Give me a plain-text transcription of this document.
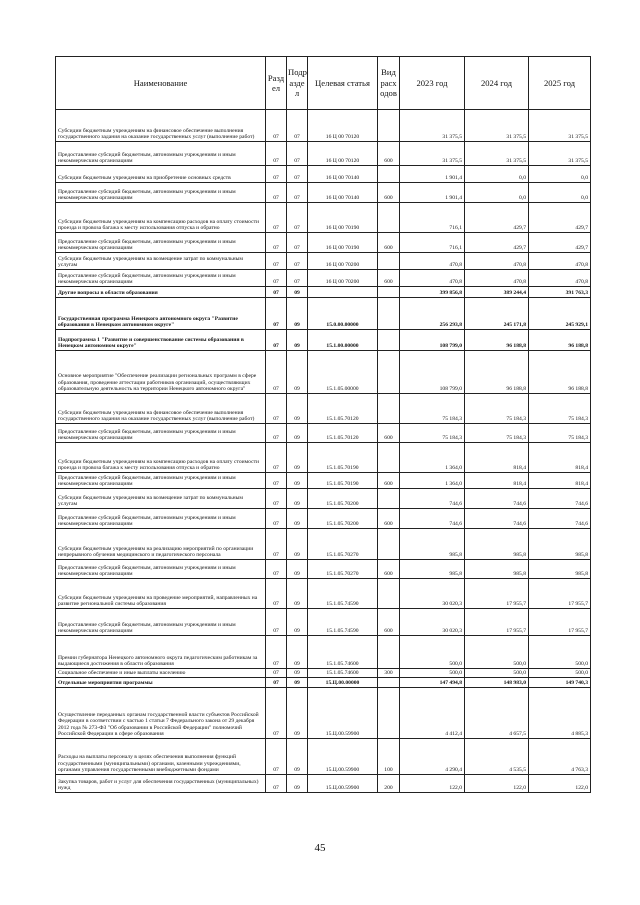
Наименование	Разд ел	Подр азде л	Целевая статья	Вид расх одов	2023 год	2024 год	2025 год
Субсидии бюджетным учреждениям на финансовое обеспечение выполнения государственного задания на оказание государственных услуг (выполнение работ)	07	07	16 Ц 00 70120		31 375,5	31 375,5	31 375,5
Предоставление субсидий бюджетным, автономным учреждениям и иным некоммерческим организациям	07	07	16 Ц 00 70120	600	31 375,5	31 375,5	31 375,5
Субсидии бюджетным учреждениям на приобретение основных средств	07	07	16 Ц 00 70140		1 901,4	0,0	0,0
Предоставление субсидий бюджетным, автономным учреждениям и иным некоммерческим организациям	07	07	16 Ц 00 70140	600	1 901,4	0,0	0,0
Субсидии бюджетным учреждениям на компенсацию расходов на оплату стоимости проезда и провоза багажа к месту использования отпуска и обратно	07	07	16 Ц 00 70190		716,1	429,7	429,7
Предоставление субсидий бюджетным, автономным учреждениям и иным некоммерческим организациям	07	07	16 Ц 00 70190	600	716,1	429,7	429,7
Субсидии бюджетным учреждениям на возмещение затрат по коммунальным услугам	07	07	16 Ц 00 70200		470,8	470,8	470,8
Предоставление субсидий бюджетным, автономным учреждениям и иным некоммерческим организациям	07	07	16 Ц 00 70200	600	470,8	470,8	470,8
Другие вопросы в области образования	07	09			399 856,8	389 244,4	391 763,3
Государственная программа Ненецкого автономного округа "Развитие образования в Ненецком автономном округе"	07	09	15.0.00.00000		256 293,8	245 171,8	245 929,1
Подпрограмма 1 "Развитие и совершенствование системы образования в Ненецком автономном округе"	07	09	15.1.00.00000		108 799,0	96 188,8	96 188,8
Основное мероприятие "Обеспечение реализации региональных программ в сфере образования, проведение аттестации работников организаций, осуществляющих образовательную деятельность на территории Ненецкого автономного округа"	07	09	15.1.05.00000		108 799,0	96 188,8	96 188,8
Субсидии бюджетным учреждениям на финансовое обеспечение выполнения государственного задания на оказание государственных услуг (выполнение работ)	07	09	15.1.05.70120		75 184,3	75 184,3	75 184,3
Предоставление субсидий бюджетным, автономным учреждениям и иным некоммерческим организациям	07	09	15.1.05.70120	600	75 184,3	75 184,3	75 184,3
Субсидии бюджетным учреждениям на компенсацию расходов на оплату стоимости проезда и провоза багажа к месту использования отпуска и обратно	07	09	15.1.05.70190		1 364,0	818,4	818,4
Предоставление субсидий бюджетным, автономным учреждениям и иным некоммерческим организациям	07	09	15.1.05.70190	600	1 364,0	818,4	818,4
Субсидии бюджетным учреждениям на возмещение затрат по коммунальным услугам	07	09	15.1.05.70200		744,6	744,6	744,6
Предоставление субсидий бюджетным, автономным учреждениям и иным некоммерческим организациям	07	09	15.1.05.70200	600	744,6	744,6	744,6
Субсидии бюджетным учреждениям на реализацию мероприятий по организации непрерывного обучения медицинского и педагогического персонала	07	09	15.1.05.70270		985,8	985,8	985,8
Предоставление субсидий бюджетным, автономным учреждениям и иным некоммерческим организациям	07	09	15.1.05.70270	600	985,8	985,8	985,8
Субсидии бюджетным учреждениям на проведение мероприятий, направленных на развитие региональной системы образования	07	09	15.1.05.74590		30 020,3	17 955,7	17 955,7
Предоставление субсидий бюджетным, автономным учреждениям и иным некоммерческим организациям	07	09	15.1.05.74590	600	30 020,3	17 955,7	17 955,7
Премии губернатора Ненецкого автономного округа педагогическим работникам за выдающиеся достижения в области образования	07	09	15.1.05.74600		500,0	500,0	500,0
Социальное обеспечение и иные выплаты населению	07	09	15.1.05.74600	300	500,0	500,0	500,0
Отдельные мероприятия программы	07	09	15.Ц.00.00000		147 494,8	148 983,0	149 740,3
Осуществление переданных органам государственной власти субъектов Российской Федерации в соответствии с частью 1 статьи 7 Федерального закона от 29 декабря 2012 года № 273-ФЗ "Об образовании в Российской Федерации" полномочий Российской Федерации в сфере образования	07	09	15.Ц.00.59900		4 412,4	4 657,5	4 885,3
Расходы на выплаты персоналу в целях обеспечения выполнения функций государственными (муниципальными) органами, казенными учреждениями, органами управления государственными внебюджетными фондами	07	09	15.Ц.00.59900	100	4 290,4	4 535,5	4 763,3
Закупка товаров, работ и услуг для обеспечения государственных (муниципальных) нужд	07	09	15.Ц.00.59900	200	122,0	122,0	122,0
45
